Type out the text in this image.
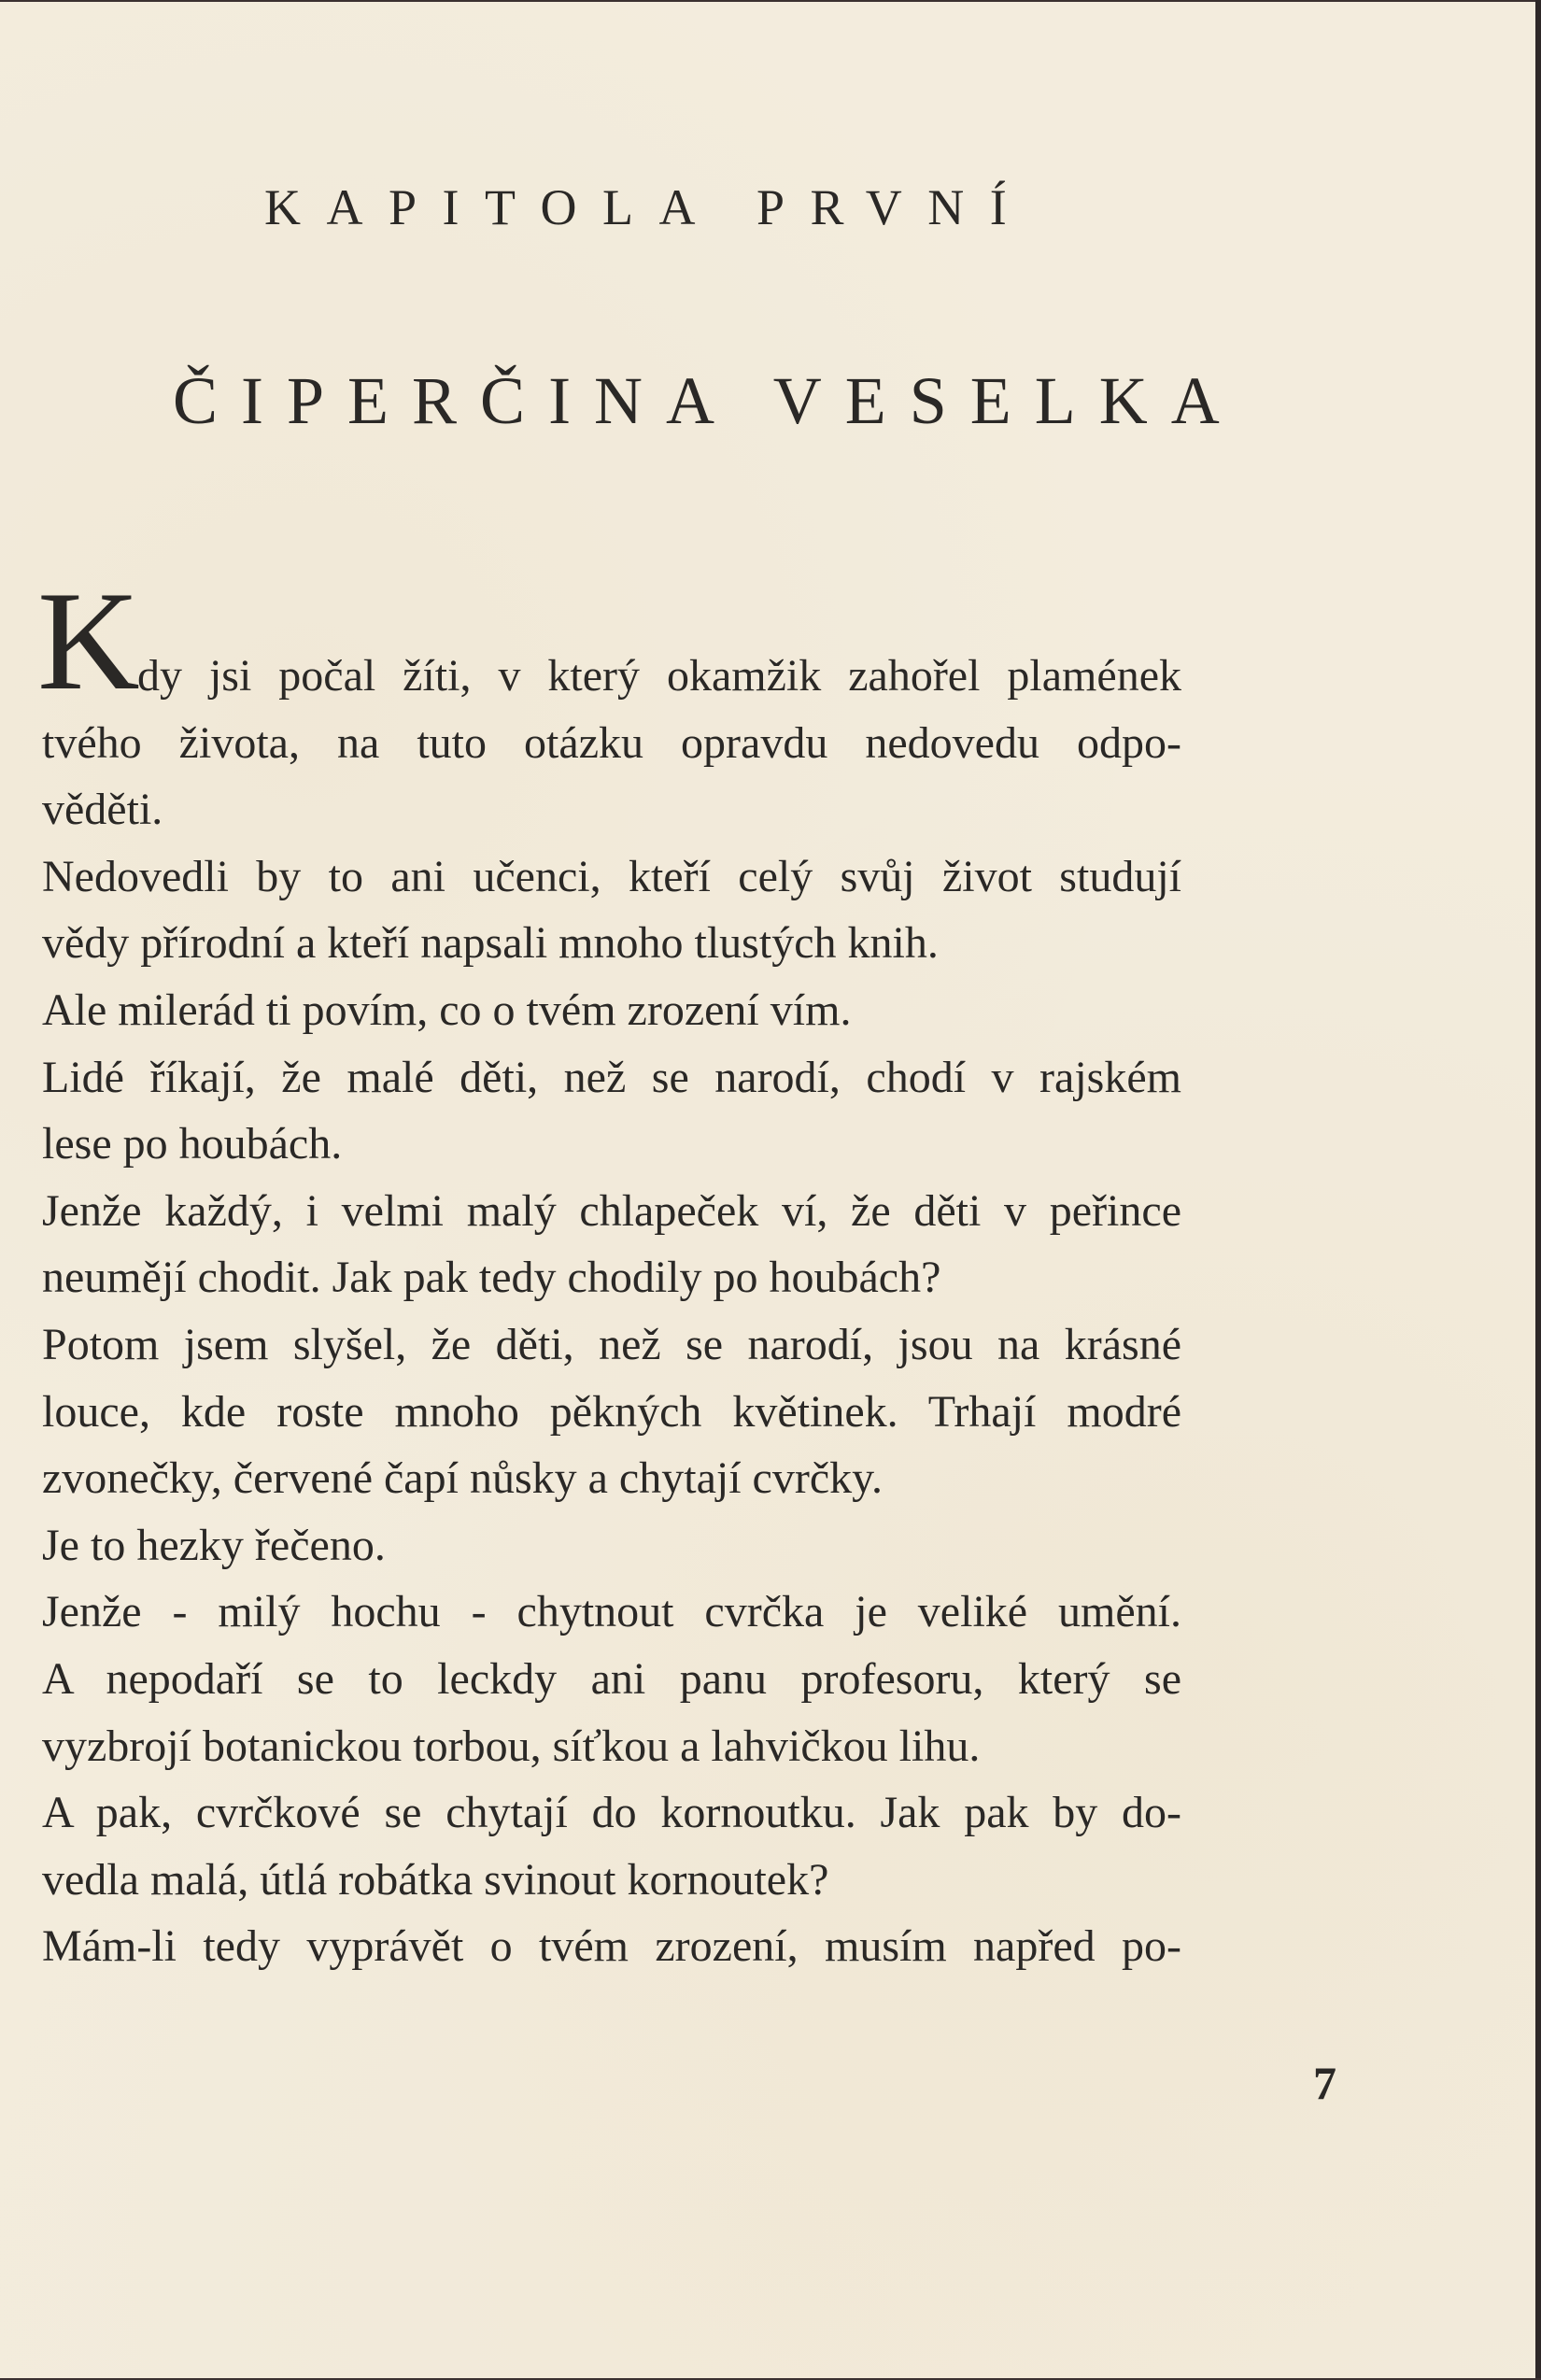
KAPITOLA PRVNÍ
ČIPERČINA VESELKA
K
dy jsi počal žíti, v který okamžik zahořel plamének
tvého života, na tuto otázku opravdu nedovedu odpo-
věděti.
Nedovedli by to ani učenci, kteří celý svůj život studují
vědy přírodní a kteří napsali mnoho tlustých knih.
Ale milerád ti povím, co o tvém zrození vím.
Lidé říkají, že malé děti, než se narodí, chodí v rajském
lese po houbách.
Jenže každý, i velmi malý chlapeček ví, že děti v peřince
neumějí chodit. Jak pak tedy chodily po houbách?
Potom jsem slyšel, že děti, než se narodí, jsou na krásné
louce, kde roste mnoho pěkných květinek. Trhají modré
zvonečky, červené čapí nůsky a chytají cvrčky.
Je to hezky řečeno.
Jenže - milý hochu - chytnout cvrčka je veliké umění.
A nepodaří se to leckdy ani panu profesoru, který se
vyzbrojí botanickou torbou, síťkou a lahvičkou lihu.
A pak, cvrčkové se chytají do kornoutku. Jak pak by do-
vedla malá, útlá robátka svinout kornoutek?
Mám-li tedy vyprávět o tvém zrození, musím napřed po-
7
